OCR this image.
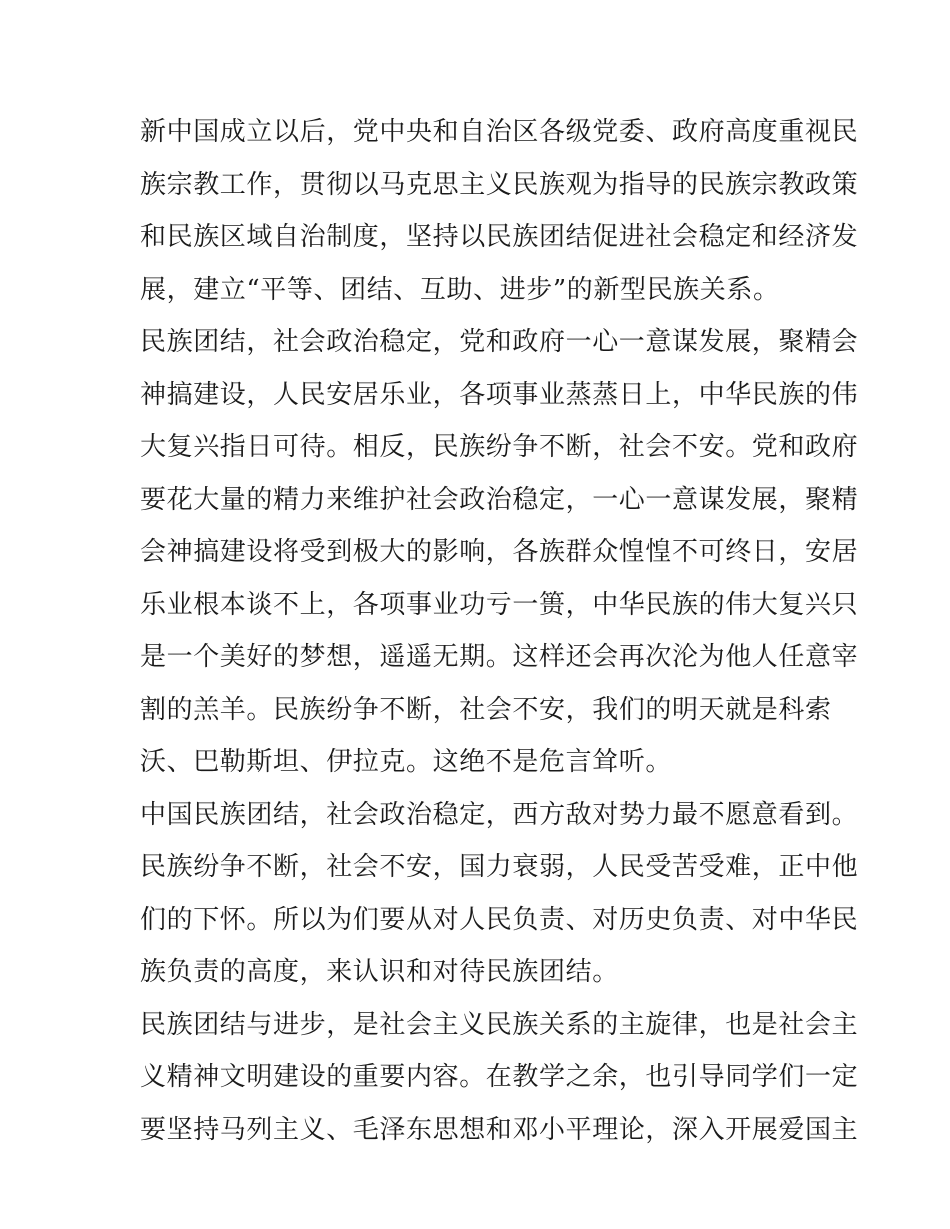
新中国成立以后，党中央和自治区各级党委、政府高度重视民
族宗教工作，贯彻以马克思主义民族观为指导的民族宗教政策
和民族区域自治制度，坚持以民族团结促进社会稳定和经济发
展，建立“平等、团结、互助、进步”的新型民族关系。
民族团结，社会政治稳定，党和政府一心一意谋发展，聚精会
神搞建设，人民安居乐业，各项事业蒸蒸日上，中华民族的伟
大复兴指日可待。相反，民族纷争不断，社会不安。党和政府
要花大量的精力来维护社会政治稳定，一心一意谋发展，聚精
会神搞建设将受到极大的影响，各族群众惶惶不可终日，安居
乐业根本谈不上，各项事业功亏一篑，中华民族的伟大复兴只
是一个美好的梦想，遥遥无期。这样还会再次沦为他人任意宰
割的羔羊。民族纷争不断，社会不安，我们的明天就是科索
沃、巴勒斯坦、伊拉克。这绝不是危言耸听。
中国民族团结，社会政治稳定，西方敌对势力最不愿意看到。
民族纷争不断，社会不安，国力衰弱，人民受苦受难，正中他
们的下怀。所以为们要从对人民负责、对历史负责、对中华民
族负责的高度，来认识和对待民族团结。
民族团结与进步，是社会主义民族关系的主旋律，也是社会主
义精神文明建设的重要内容。在教学之余，也引导同学们一定
要坚持马列主义、毛泽东思想和邓小平理论，深入开展爱国主
